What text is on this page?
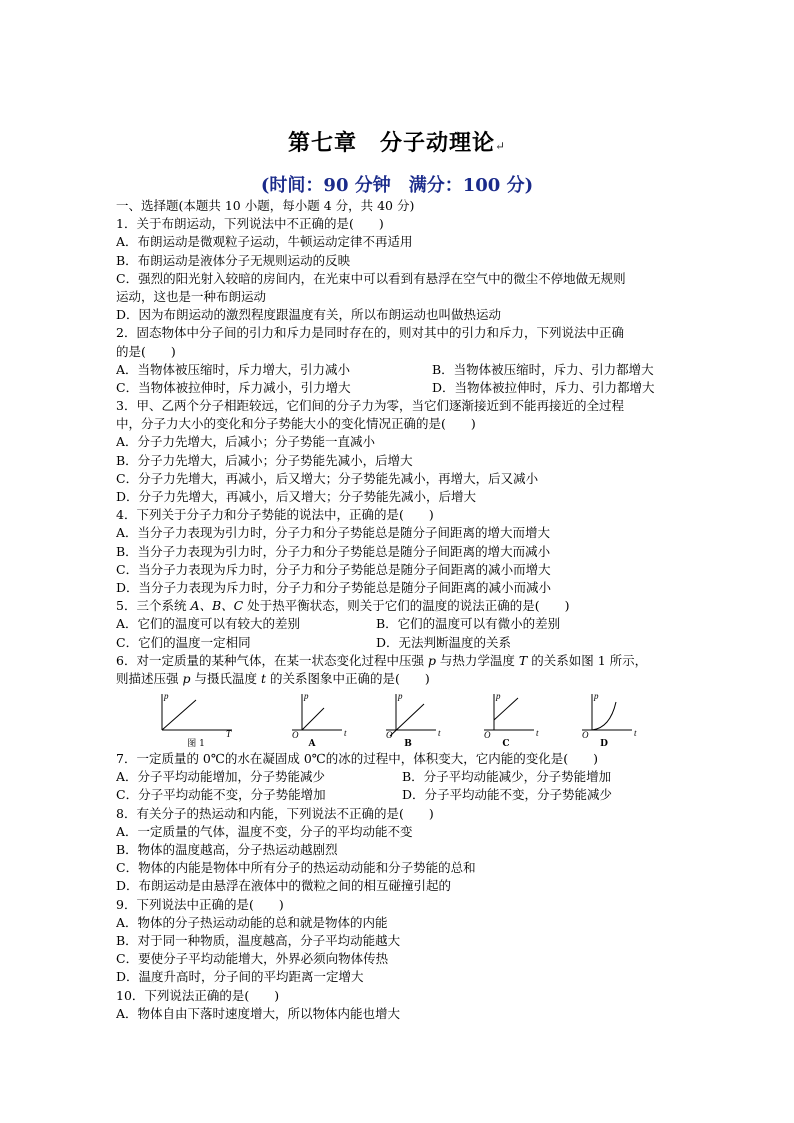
第七章　分子动理论↵
(时间：90 分钟　满分：100 分)
一、选择题(本题共 10 小题，每小题 4 分，共 40 分)
1．关于布朗运动，下列说法中不正确的是(　　)
A．布朗运动是微观粒子运动，牛顿运动定律不再适用
B．布朗运动是液体分子无规则运动的反映
C．强烈的阳光射入较暗的房间内，在光束中可以看到有悬浮在空气中的微尘不停地做无规则
运动，这也是一种布朗运动
D．因为布朗运动的激烈程度跟温度有关，所以布朗运动也叫做热运动
2．固态物体中分子间的引力和斥力是同时存在的，则对其中的引力和斥力，下列说法中正确
的是(　　)
A．当物体被压缩时，斥力增大，引力减小	B．当物体被压缩时，斥力、引力都增大
C．当物体被拉伸时，斥力减小，引力增大	D．当物体被拉伸时，斥力、引力都增大
3．甲、乙两个分子相距较远，它们间的分子力为零，当它们逐渐接近到不能再接近的全过程
中，分子力大小的变化和分子势能大小的变化情况正确的是(　　)
A．分子力先增大，后减小；分子势能一直减小
B．分子力先增大，后减小；分子势能先减小，后增大
C．分子力先增大，再减小，后又增大；分子势能先减小，再增大，后又减小
D．分子力先增大，再减小，后又增大；分子势能先减小，后增大
4．下列关于分子力和分子势能的说法中，正确的是(　　)
A．当分子力表现为引力时，分子力和分子势能总是随分子间距离的增大而增大
B．当分子力表现为引力时，分子力和分子势能总是随分子间距离的增大而减小
C．当分子力表现为斥力时，分子力和分子势能总是随分子间距离的减小而增大
D．当分子力表现为斥力时，分子力和分子势能总是随分子间距离的减小而减小
5．三个系统 A、B、C 处于热平衡状态，则关于它们的温度的说法正确的是(　　)
A．它们的温度可以有较大的差别	B．它们的温度可以有微小的差别
C．它们的温度一定相同	D．无法判断温度的关系
6．对一定质量的某种气体，在某一状态变化过程中压强 p 与热力学温度 T 的关系如图 1 所示，
则描述压强 p 与摄氏温度 t 的关系图象中正确的是(　　)
p
T
图 1
p
O	t
A
p
O	t
B
p
O	t
C
p
O	t
D
7．一定质量的 0℃的水在凝固成 0℃的冰的过程中，体积变大，它内能的变化是(　　)
A．分子平均动能增加，分子势能减少	B．分子平均动能减少，分子势能增加
C．分子平均动能不变，分子势能增加	D．分子平均动能不变，分子势能减少
8．有关分子的热运动和内能，下列说法不正确的是(　　)
A．一定质量的气体，温度不变，分子的平均动能不变
B．物体的温度越高，分子热运动越剧烈
C．物体的内能是物体中所有分子的热运动动能和分子势能的总和
D．布朗运动是由悬浮在液体中的微粒之间的相互碰撞引起的
9．下列说法中正确的是(　　)
A．物体的分子热运动动能的总和就是物体的内能
B．对于同一种物质，温度越高，分子平均动能越大
C．要使分子平均动能增大，外界必须向物体传热
D．温度升高时，分子间的平均距离一定增大
10．下列说法正确的是(　　)
A．物体自由下落时速度增大，所以物体内能也增大
